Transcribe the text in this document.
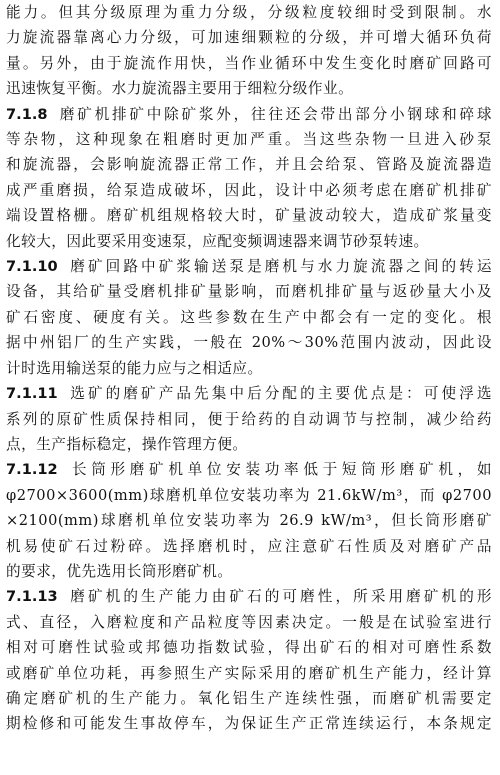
能力。但其分级原理为重力分级，分级粒度较细时受到限制。水
力旋流器靠离心力分级，可加速细颗粒的分级，并可增大循环负荷
量。另外，由于旋流作用快，当作业循环中发生变化时磨矿回路可
迅速恢复平衡。水力旋流器主要用于细粒分级作业。

7.1.8 磨矿机排矿中除矿浆外，往往还会带出部分小钢球和碎球
等杂物，这种现象在粗磨时更加严重。当这些杂物一旦进入砂泵
和旋流器，会影响旋流器正常工作，并且会给泵、管路及旋流器造
成严重磨损，给泵造成破坏，因此，设计中必须考虑在磨矿机排矿
端设置格栅。磨矿机组规格较大时，矿量波动较大，造成矿浆量变
化较大，因此要采用变速泵，应配变频调速器来调节砂泵转速。

7.1.10 磨矿回路中矿浆输送泵是磨机与水力旋流器之间的转运
设备，其给矿量受磨机排矿量影响，而磨机排矿量与返砂量大小及
矿石密度、硬度有关。这些参数在生产中都会有一定的变化。根
据中州铝厂的生产实践，一般在 20%～30%范围内波动，因此设
计时选用输送泵的能力应与之相适应。

7.1.11 选矿的磨矿产品先集中后分配的主要优点是：可使浮选
系列的原矿性质保持相同，便于给药的自动调节与控制，减少给药
点，生产指标稳定，操作管理方便。

7.1.12 长筒形磨矿机单位安装功率低于短筒形磨矿机，如
φ2700×3600(mm)球磨机单位安装功率为 21.6kW/m³，而 φ2700
×2100(mm)球磨机单位安装功率为 26.9 kW/m³，但长筒形磨矿
机易使矿石过粉碎。选择磨机时，应注意矿石性质及对磨矿产品
的要求，优先选用长筒形磨矿机。

7.1.13 磨矿机的生产能力由矿石的可磨性，所采用磨矿机的形
式、直径，入磨粒度和产品粒度等因素决定。一般是在试验室进行
相对可磨性试验或邦德功指数试验，得出矿石的相对可磨性系数
或磨矿单位功耗，再参照生产实际采用的磨矿机生产能力，经计算
确定磨矿机的生产能力。氧化铝生产连续性强，而磨矿机需要定
期检修和可能发生事故停车，为保证生产正常连续运行，本条规定
